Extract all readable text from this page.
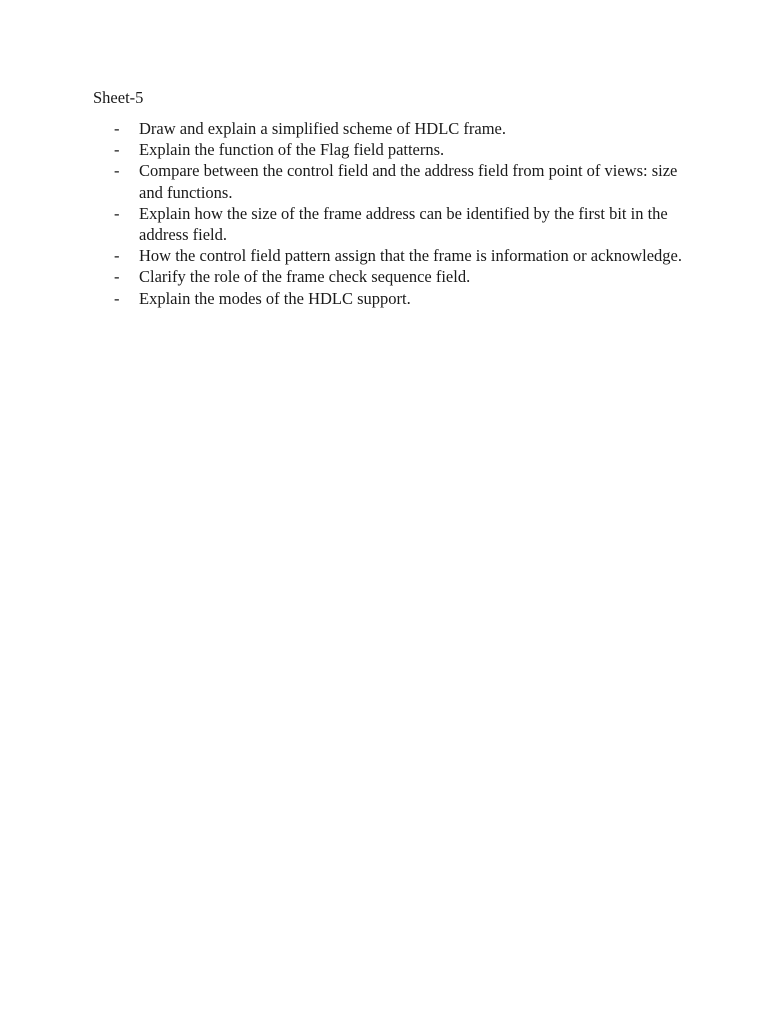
Sheet-5
-	Draw and explain a simplified scheme of HDLC frame.
-	Explain the function of the Flag field patterns.
-	Compare between the control field and the address field from point of views: size and functions.
-	Explain how the size of the frame address can be identified by the first bit in the address field.
-	How the control field pattern assign that the frame is information or acknowledge.
-	Clarify the role of the frame check sequence field.
-	Explain the modes of the HDLC support.
